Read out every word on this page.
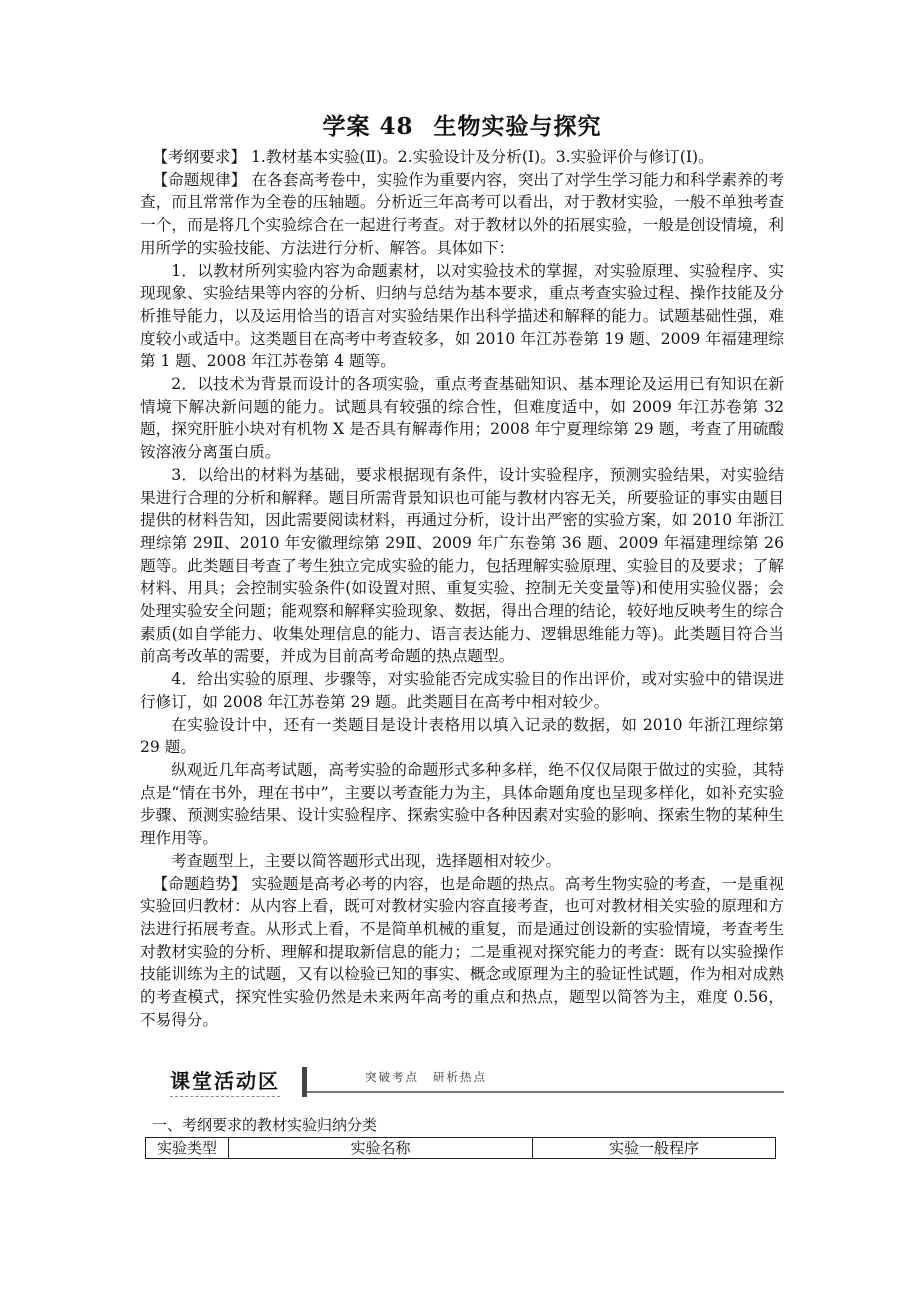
学案 48 生物实验与探究

【考纲要求】 1.教材基本实验(Ⅱ)。2.实验设计及分析(Ⅰ)。3.实验评价与修订(Ⅰ)。

【命题规律】 在各套高考卷中，实验作为重要内容，突出了对学生学习能力和科学素养的考查，而且常常作为全卷的压轴题。分析近三年高考可以看出，对于教材实验，一般不单独考查一个，而是将几个实验综合在一起进行考查。对于教材以外的拓展实验，一般是创设情境，利用所学的实验技能、方法进行分析、解答。具体如下：

1．以教材所列实验内容为命题素材，以对实验技术的掌握，对实验原理、实验程序、实现现象、实验结果等内容的分析、归纳与总结为基本要求，重点考查实验过程、操作技能及分析推导能力，以及运用恰当的语言对实验结果作出科学描述和解释的能力。试题基础性强，难度较小或适中。这类题目在高考中考查较多，如 2010 年江苏卷第 19 题、2009 年福建理综第 1 题、2008 年江苏卷第 4 题等。

2．以技术为背景而设计的各项实验，重点考查基础知识、基本理论及运用已有知识在新情境下解决新问题的能力。试题具有较强的综合性，但难度适中，如 2009 年江苏卷第 32 题，探究肝脏小块对有机物 X 是否具有解毒作用；2008 年宁夏理综第 29 题，考查了用硫酸铵溶液分离蛋白质。

3．以给出的材料为基础，要求根据现有条件，设计实验程序，预测实验结果，对实验结果进行合理的分析和解释。题目所需背景知识也可能与教材内容无关，所要验证的事实由题目提供的材料告知，因此需要阅读材料，再通过分析，设计出严密的实验方案，如 2010 年浙江理综第 29Ⅱ、2010 年安徽理综第 29Ⅱ、2009 年广东卷第 36 题、2009 年福建理综第 26 题等。此类题目考查了考生独立完成实验的能力，包括理解实验原理、实验目的及要求；了解材料、用具；会控制实验条件(如设置对照、重复实验、控制无关变量等)和使用实验仪器；会处理实验安全问题；能观察和解释实验现象、数据，得出合理的结论，较好地反映考生的综合素质(如自学能力、收集处理信息的能力、语言表达能力、逻辑思维能力等)。此类题目符合当前高考改革的需要，并成为目前高考命题的热点题型。

4．给出实验的原理、步骤等，对实验能否完成实验目的作出评价，或对实验中的错误进行修订，如 2008 年江苏卷第 29 题。此类题目在高考中相对较少。

在实验设计中，还有一类题目是设计表格用以填入记录的数据，如 2010 年浙江理综第 29 题。

纵观近几年高考试题，高考实验的命题形式多种多样，绝不仅仅局限于做过的实验，其特点是“情在书外，理在书中”，主要以考查能力为主，具体命题角度也呈现多样化，如补充实验步骤、预测实验结果、设计实验程序、探索实验中各种因素对实验的影响、探索生物的某种生理作用等。

考查题型上，主要以简答题形式出现，选择题相对较少。

【命题趋势】 实验题是高考必考的内容，也是命题的热点。高考生物实验的考查，一是重视实验回归教材：从内容上看，既可对教材实验内容直接考查，也可对教材相关实验的原理和方法进行拓展考查。从形式上看，不是简单机械的重复，而是通过创设新的实验情境，考查考生对教材实验的分析、理解和提取新信息的能力；二是重视对探究能力的考查：既有以实验操作技能训练为主的试题，又有以检验已知的事实、概念或原理为主的验证性试题，作为相对成熟的考查模式，探究性实验仍然是未来两年高考的重点和热点，题型以简答为主，难度 0.56，不易得分。

课堂活动区	突破考点 研析热点
一、考纲要求的教材实验归纳分类
实验类型	实验名称	实验一般程序
